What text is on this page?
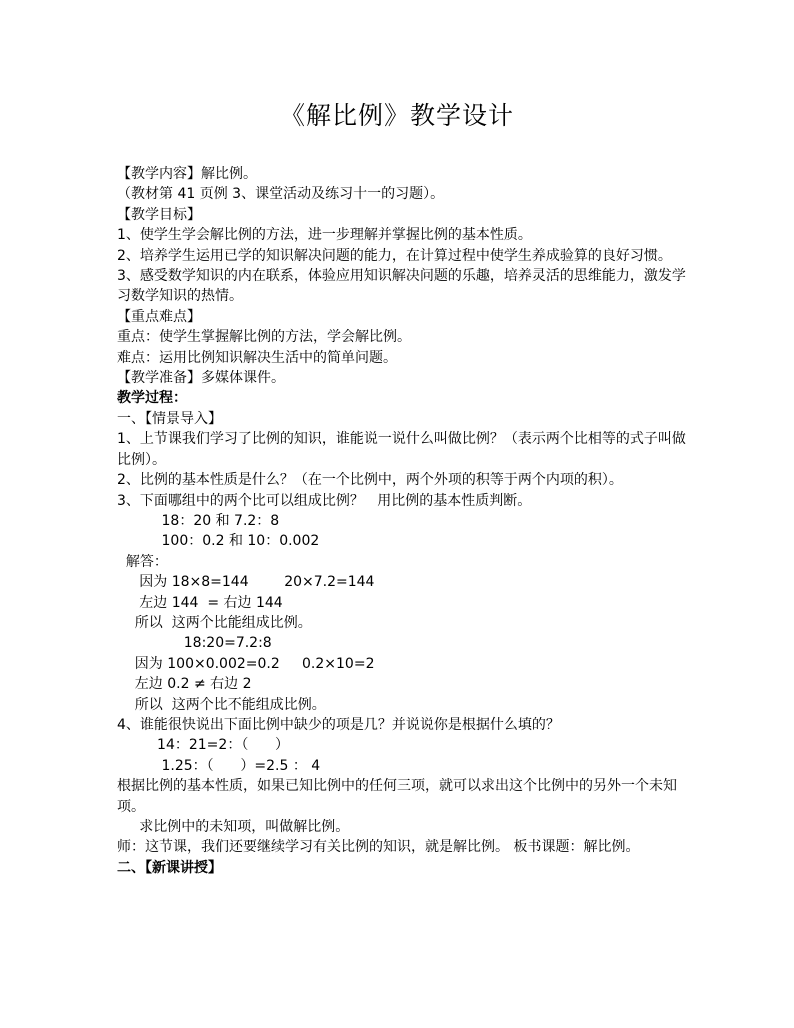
《解比例》教学设计
【教学内容】解比例。
（教材第 41 页例 3、课堂活动及练习十一的习题）。
【教学目标】
1、使学生学会解比例的方法，进一步理解并掌握比例的基本性质。
2、培养学生运用已学的知识解决问题的能力，在计算过程中使学生养成验算的良好习惯。
3、感受数学知识的内在联系，体验应用知识解决问题的乐趣，培养灵活的思维能力，激发学习数学知识的热情。
【重点难点】
重点：使学生掌握解比例的方法，学会解比例。
难点：运用比例知识解决生活中的简单问题。
【教学准备】多媒体课件。
教学过程：
一、【情景导入】
1、上节课我们学习了比例的知识，谁能说一说什么叫做比例？（表示两个比相等的式子叫做比例）。
2、比例的基本性质是什么？（在一个比例中，两个外项的积等于两个内项的积）。
3、下面哪组中的两个比可以组成比例？   用比例的基本性质判断。
18：20 和 7.2：8
100：0.2 和 10：0.002
解答：
因为 18×8=144        20×7.2=144
左边 144  = 右边 144
所以  这两个比能组成比例。
18:20=7.2:8
因为 100×0.002=0.2     0.2×10=2
左边 0.2 ≠ 右边 2
所以  这两个比不能组成比例。
4、谁能很快说出下面比例中缺少的项是几？并说说你是根据什么填的？
14：21=2：（      ）
1.25：（      ）=2.5 ： 4
根据比例的基本性质，如果已知比例中的任何三项，就可以求出这个比例中的另外一个未知项。
求比例中的未知项，叫做解比例。
师：这节课，我们还要继续学习有关比例的知识，就是解比例。 板书课题：解比例。
二、【新课讲授】
